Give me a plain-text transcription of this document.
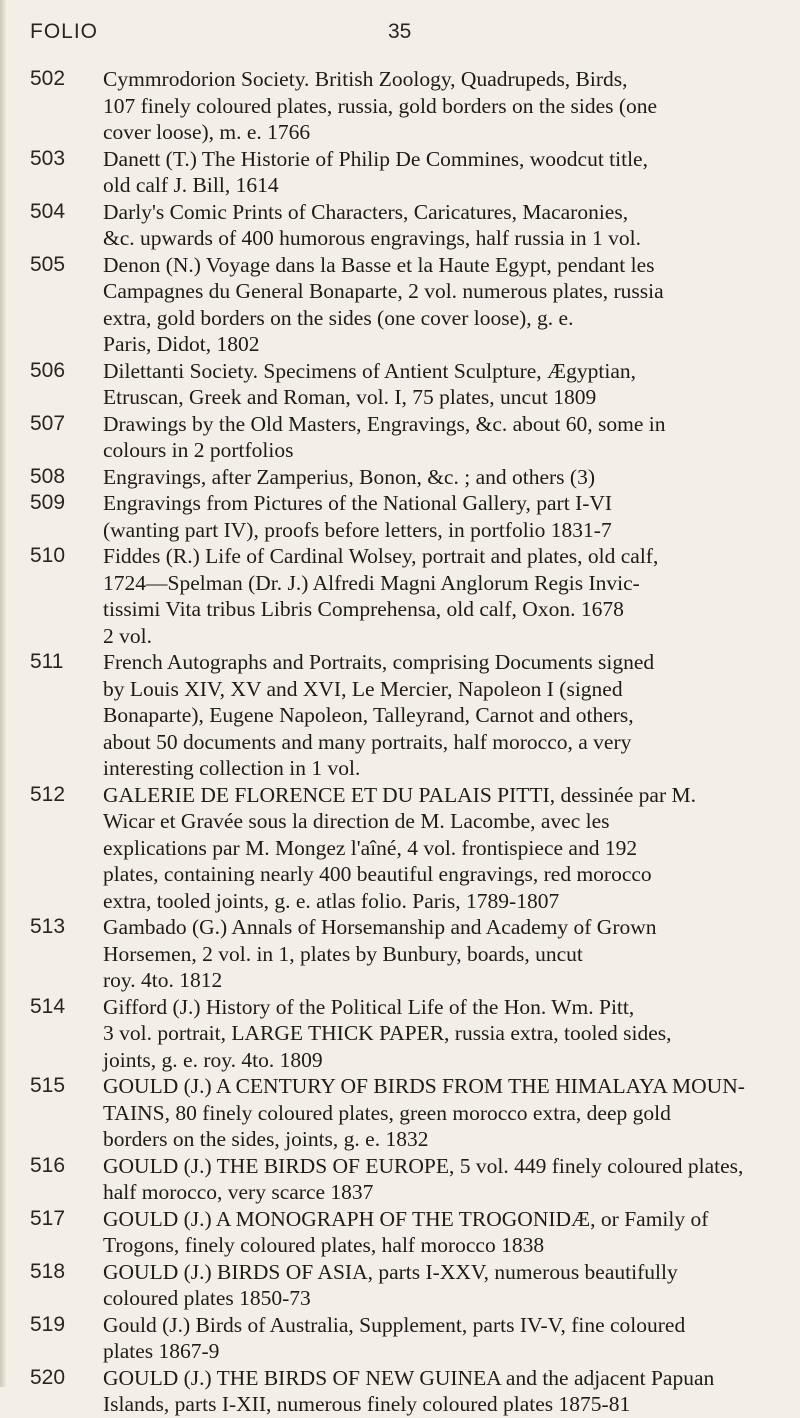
FOLIO	35
502	Cymmrodorion Society. British Zoology, Quadrupeds, Birds,
107 finely coloured plates, russia, gold borders on the sides (one
cover loose), m. e. 1766
503	Danett (T.) The Historie of Philip De Commines, woodcut title,
old calf J. Bill, 1614
504	Darly's Comic Prints of Characters, Caricatures, Macaronies,
&c. upwards of 400 humorous engravings, half russia in 1 vol.
505	Denon (N.) Voyage dans la Basse et la Haute Egypt, pendant les
Campagnes du General Bonaparte, 2 vol. numerous plates, russia
extra, gold borders on the sides (one cover loose), g. e.
Paris, Didot, 1802
506	Dilettanti Society. Specimens of Antient Sculpture, Ægyptian,
Etruscan, Greek and Roman, vol. I, 75 plates, uncut 1809
507	Drawings by the Old Masters, Engravings, &c. about 60, some in
colours in 2 portfolios
508	Engravings, after Zamperius, Bonon, &c. ; and others (3)
509	Engravings from Pictures of the National Gallery, part I-VI
(wanting part IV), proofs before letters, in portfolio 1831-7
510	Fiddes (R.) Life of Cardinal Wolsey, portrait and plates, old calf,
1724—Spelman (Dr. J.) Alfredi Magni Anglorum Regis Invic-
tissimi Vita tribus Libris Comprehensa, old calf, Oxon. 1678
2 vol.
511	French Autographs and Portraits, comprising Documents signed
by Louis XIV, XV and XVI, Le Mercier, Napoleon I (signed
Bonaparte), Eugene Napoleon, Talleyrand, Carnot and others,
about 50 documents and many portraits, half morocco, a very
interesting collection in 1 vol.
512	GALERIE DE FLORENCE ET DU PALAIS PITTI, dessinée par M.
Wicar et Gravée sous la direction de M. Lacombe, avec les
explications par M. Mongez l'aîné, 4 vol. frontispiece and 192
plates, containing nearly 400 beautiful engravings, red morocco
extra, tooled joints, g. e. atlas folio. Paris, 1789-1807
513	Gambado (G.) Annals of Horsemanship and Academy of Grown
Horsemen, 2 vol. in 1, plates by Bunbury, boards, uncut
roy. 4to. 1812
514	Gifford (J.) History of the Political Life of the Hon. Wm. Pitt,
3 vol. portrait, LARGE THICK PAPER, russia extra, tooled sides,
joints, g. e. roy. 4to. 1809
515	GOULD (J.) A CENTURY OF BIRDS FROM THE HIMALAYA MOUN-
TAINS, 80 finely coloured plates, green morocco extra, deep gold
borders on the sides, joints, g. e. 1832
516	GOULD (J.) THE BIRDS OF EUROPE, 5 vol. 449 finely coloured plates,
half morocco, very scarce 1837
517	GOULD (J.) A MONOGRAPH OF THE TROGONIDÆ, or Family of
Trogons, finely coloured plates, half morocco 1838
518	GOULD (J.) BIRDS OF ASIA, parts I-XXV, numerous beautifully
coloured plates 1850-73
519	Gould (J.) Birds of Australia, Supplement, parts IV-V, fine coloured
plates 1867-9
520	GOULD (J.) THE BIRDS OF NEW GUINEA and the adjacent Papuan
Islands, parts I-XII, numerous finely coloured plates 1875-81
